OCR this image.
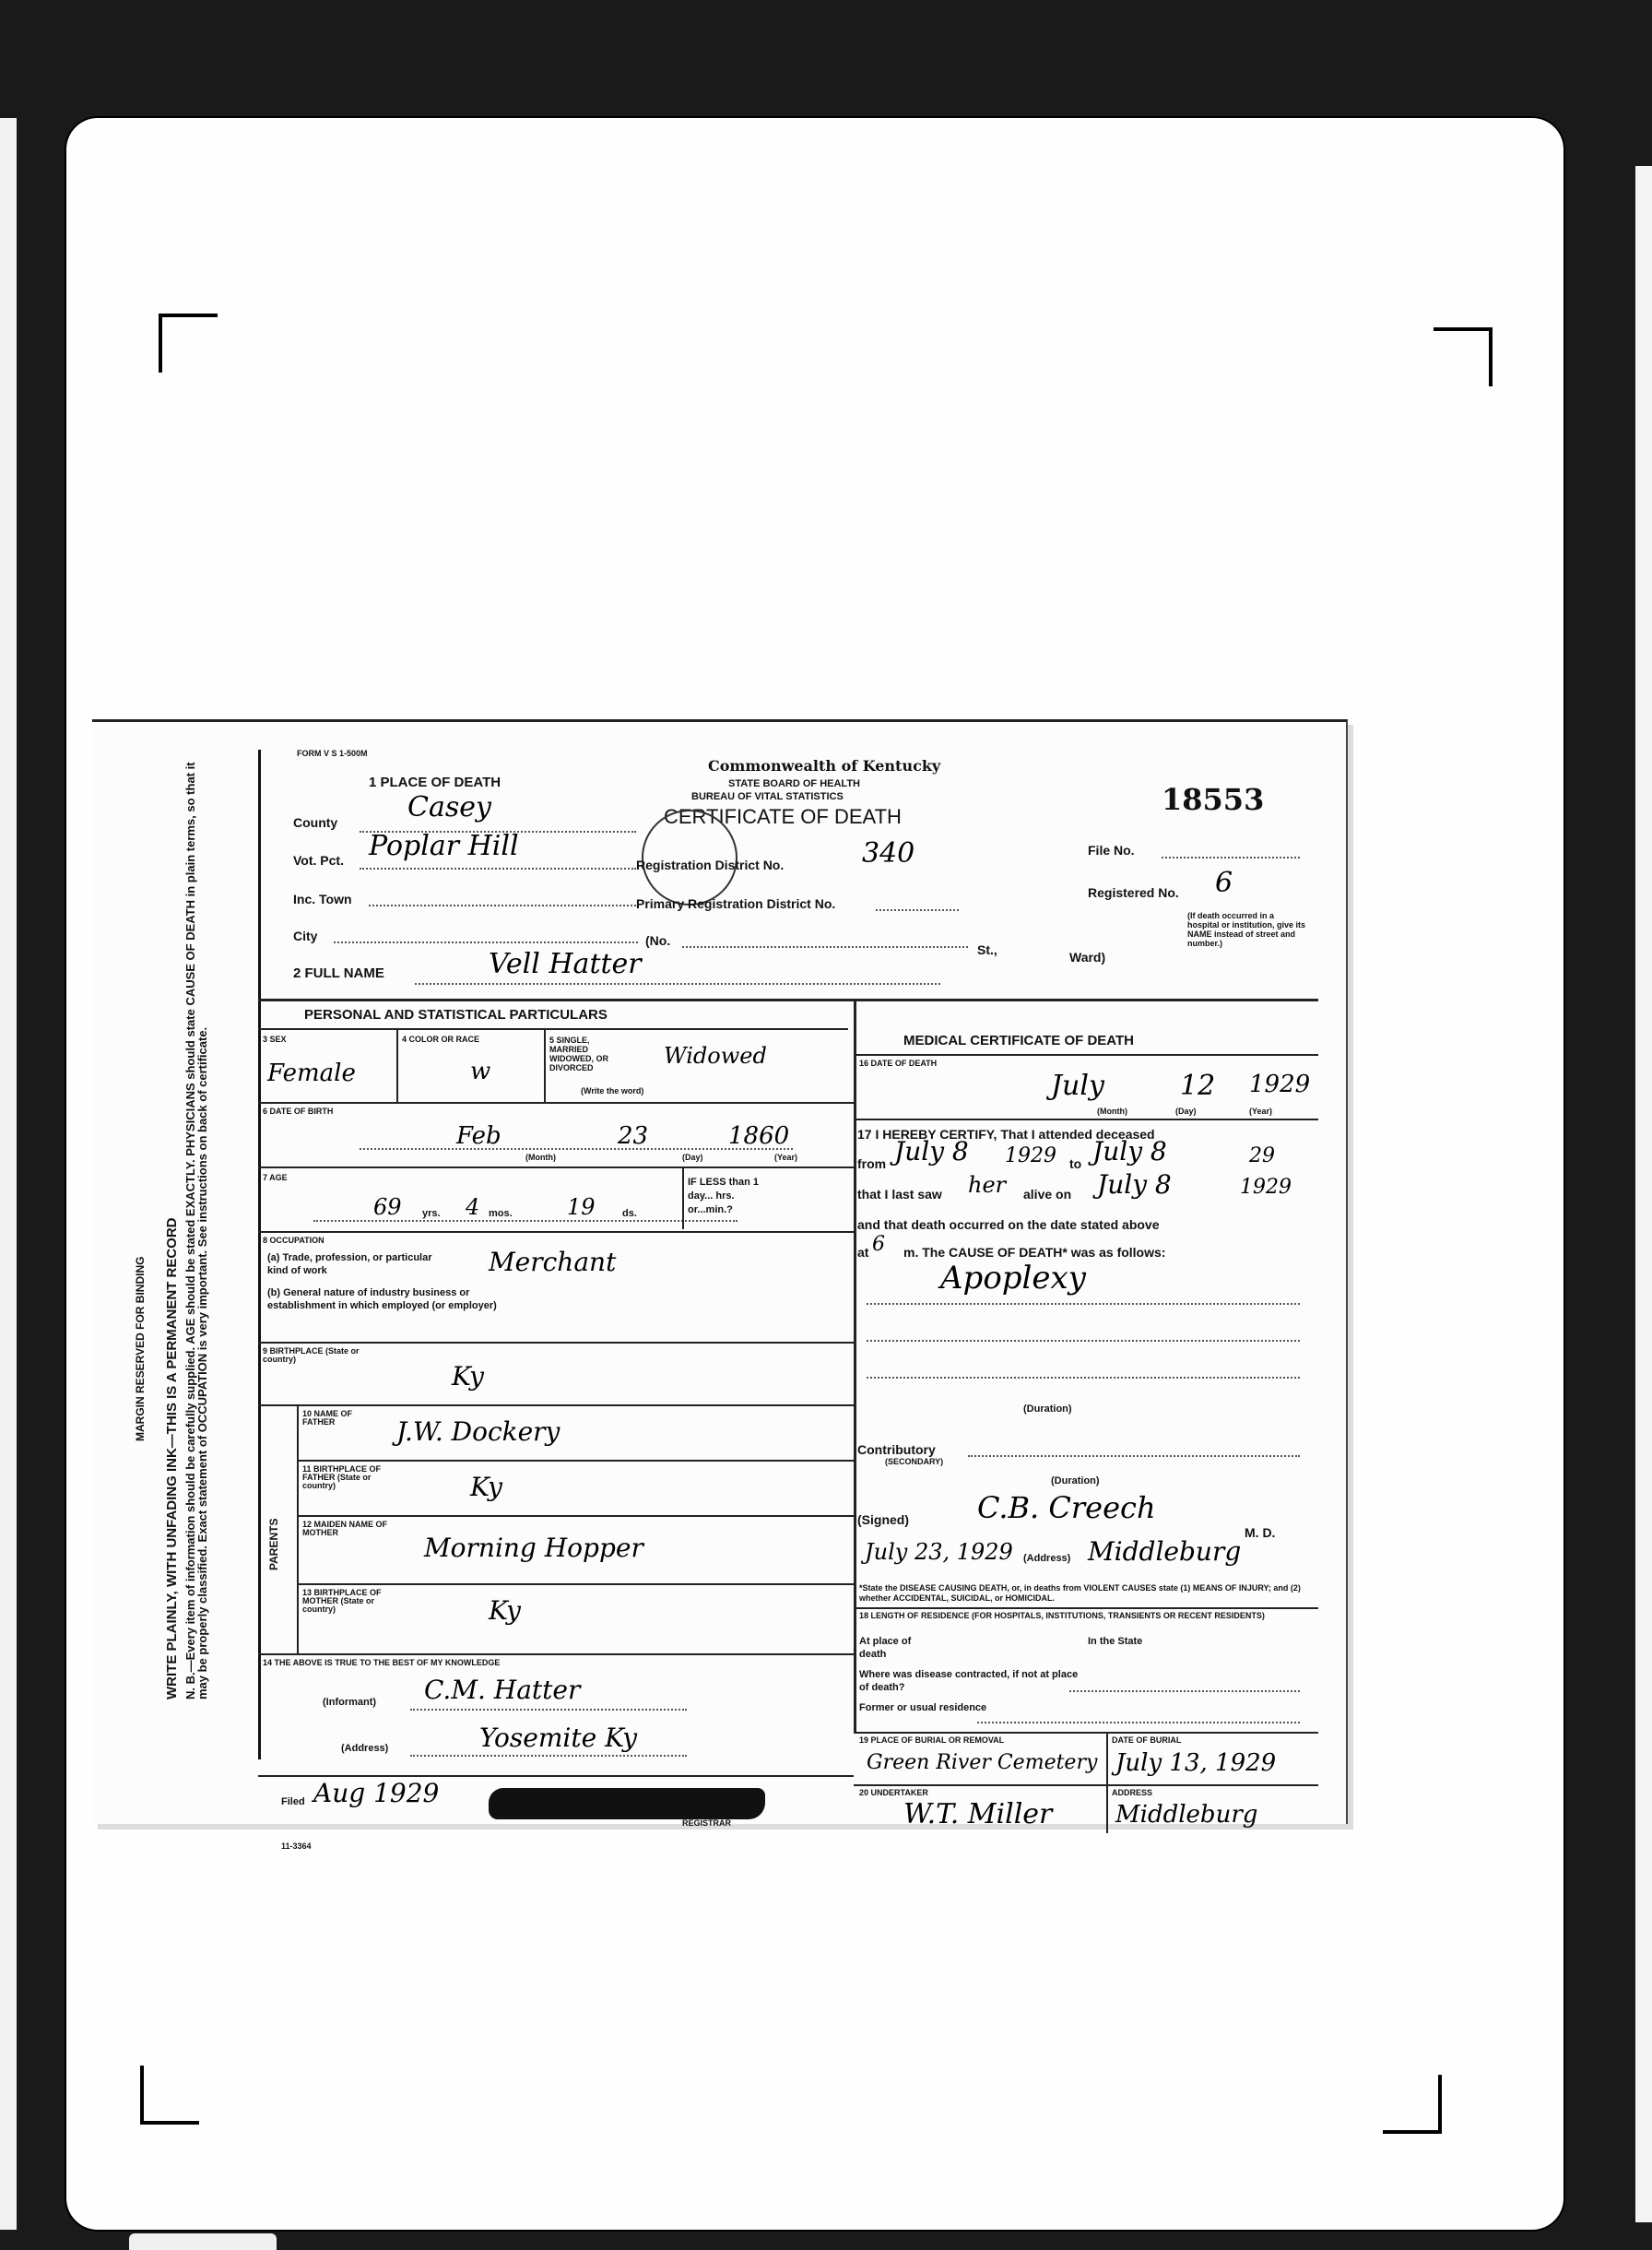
MARGIN RESERVED FOR BINDING WRITE PLAINLY, WITH UNFADING INK—THIS IS A PERMANENT RECORD N. B.—Every item of information should be carefully supplied. AGE should be stated EXACTLY. PHYSICIANS should state CAUSE OF DEATH in plain terms, so that it may be properly classified. Exact statement of OCCUPATION is very important. See instructions on back of certificate.
FORM V S 1-500M
Commonwealth of Kentucky
STATE BOARD OF HEALTH
BUREAU OF VITAL STATISTICS
CERTIFICATE OF DEATH	18553
1 PLACE OF DEATH
County	Casey
Vot. Pct. Poplar Hill
Inc. Town
City
Registration District No.	340
Primary Registration District No.
(No.
St.,	Ward)
File No.
Registered No. 6
(If death occurred in a hospital or institution, give its NAME instead of street and number.)
2 FULL NAME	Vell Hatter
PERSONAL AND STATISTICAL PARTICULARS
3 SEX
Female
4 COLOR OR RACE
w
5 SINGLE, MARRIED WIDOWED, OR DIVORCED	Widowed
(Write the word)
6 DATE OF BIRTH
Feb	23	1860
(Month)	(Day)	(Year)
7 AGE
69 yrs. 4 mos. 19	ds.
IF LESS than 1 day... hrs. or...min.?
8 OCCUPATION
(a) Trade, profession, or particular kind of work	Merchant
(b) General nature of industry business or establishment in which employed (or employer)
9 BIRTHPLACE (State or country)
Ky
PARENTS
10 NAME OF FATHER	J.W. Dockery
11 BIRTHPLACE OF FATHER (State or country)	Ky
12 MAIDEN NAME OF MOTHER	Morning Hopper
13 BIRTHPLACE OF MOTHER (State or country)	Ky
14 THE ABOVE IS TRUE TO THE BEST OF MY KNOWLEDGE
(Informant) C.M. Hatter
(Address)	Yosemite Ky
Filed Aug 1929
REGISTRAR
11-3364
MEDICAL CERTIFICATE OF DEATH
16 DATE OF DEATH
July	12 1929
(Month)	(Day)	(Year)
17 I HEREBY CERTIFY, That I attended deceased
from July 8 1929 to July 8	29
that I last saw her alive on July 8	1929
and that death occurred on the date stated above
at 6 m. The CAUSE OF DEATH* was as follows:
Apoplexy
(Duration)
Contributory
(SECONDARY)
(Duration)
(Signed) C.B. Creech
M. D.
July 23, 1929 (Address) Middleburg
*State the DISEASE CAUSING DEATH, or, in deaths from VIOLENT CAUSES state (1) MEANS OF INJURY; and (2) whether ACCIDENTAL, SUICIDAL, or HOMICIDAL.
18 LENGTH OF RESIDENCE (FOR HOSPITALS, INSTITUTIONS, TRANSIENTS OR RECENT RESIDENTS)
At place of death
In the State
Where was disease contracted, if not at place of death?
Former or usual residence
19 PLACE OF BURIAL OR REMOVAL
Green River Cemetery
DATE OF BURIAL
July 13, 1929
20 UNDERTAKER
W.T. Miller
ADDRESS
Middleburg
